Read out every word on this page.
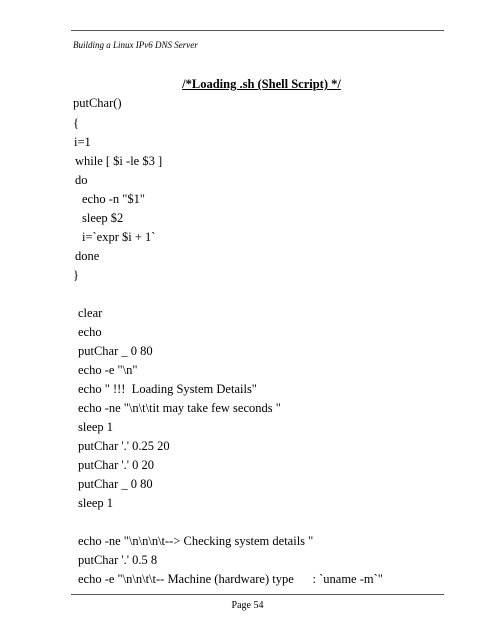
Building a Linux IPv6 DNS Server
/*Loading .sh (Shell Script) */
putChar()
{
i=1
while [ $i -le $3 ]
do
echo -n "$1"
sleep $2
i=`expr $i + 1`
done
}
clear
echo
putChar _ 0 80
echo -e "\n"
echo " !!!  Loading System Details"
echo -ne "\n\t\tit may take few seconds "
sleep 1
putChar '.' 0.25 20
putChar '.' 0 20
putChar _ 0 80
sleep 1
echo -ne "\n\n\n\t--> Checking system details "
putChar '.' 0.5 8
echo -e "\n\n\t\t-- Machine (hardware) type      : `uname -m`"
Page 54
